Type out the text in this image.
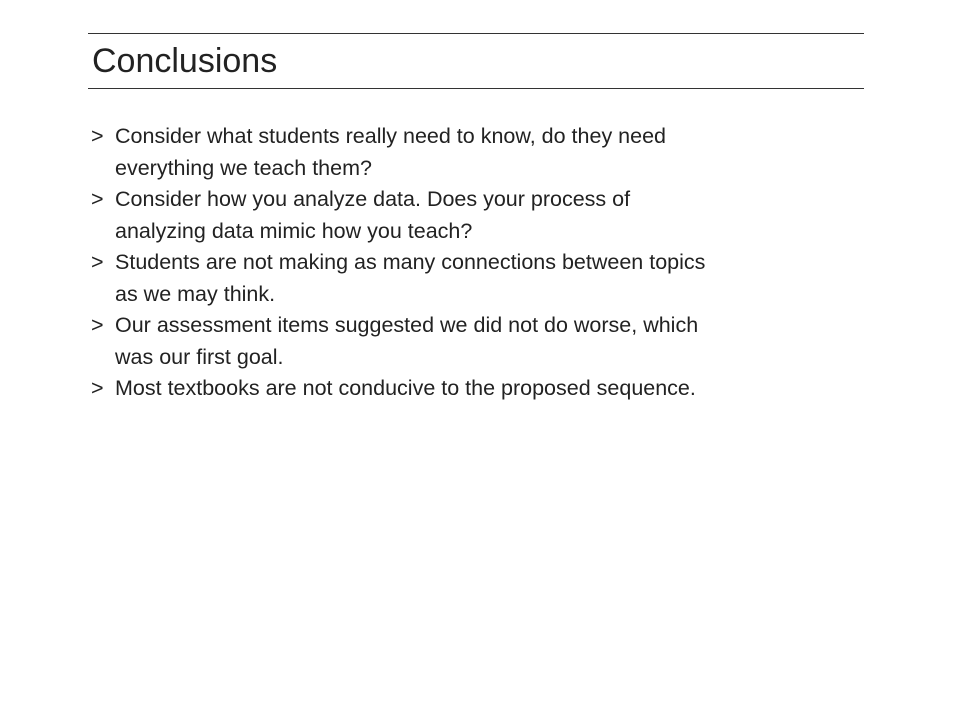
Conclusions
> Consider what students really need to know, do they need
everything we teach them?
> Consider how you analyze data. Does your process of
analyzing data mimic how you teach?
> Students are not making as many connections between topics
as we may think.
> Our assessment items suggested we did not do worse, which
was our first goal.
> Most textbooks are not conducive to the proposed sequence.
